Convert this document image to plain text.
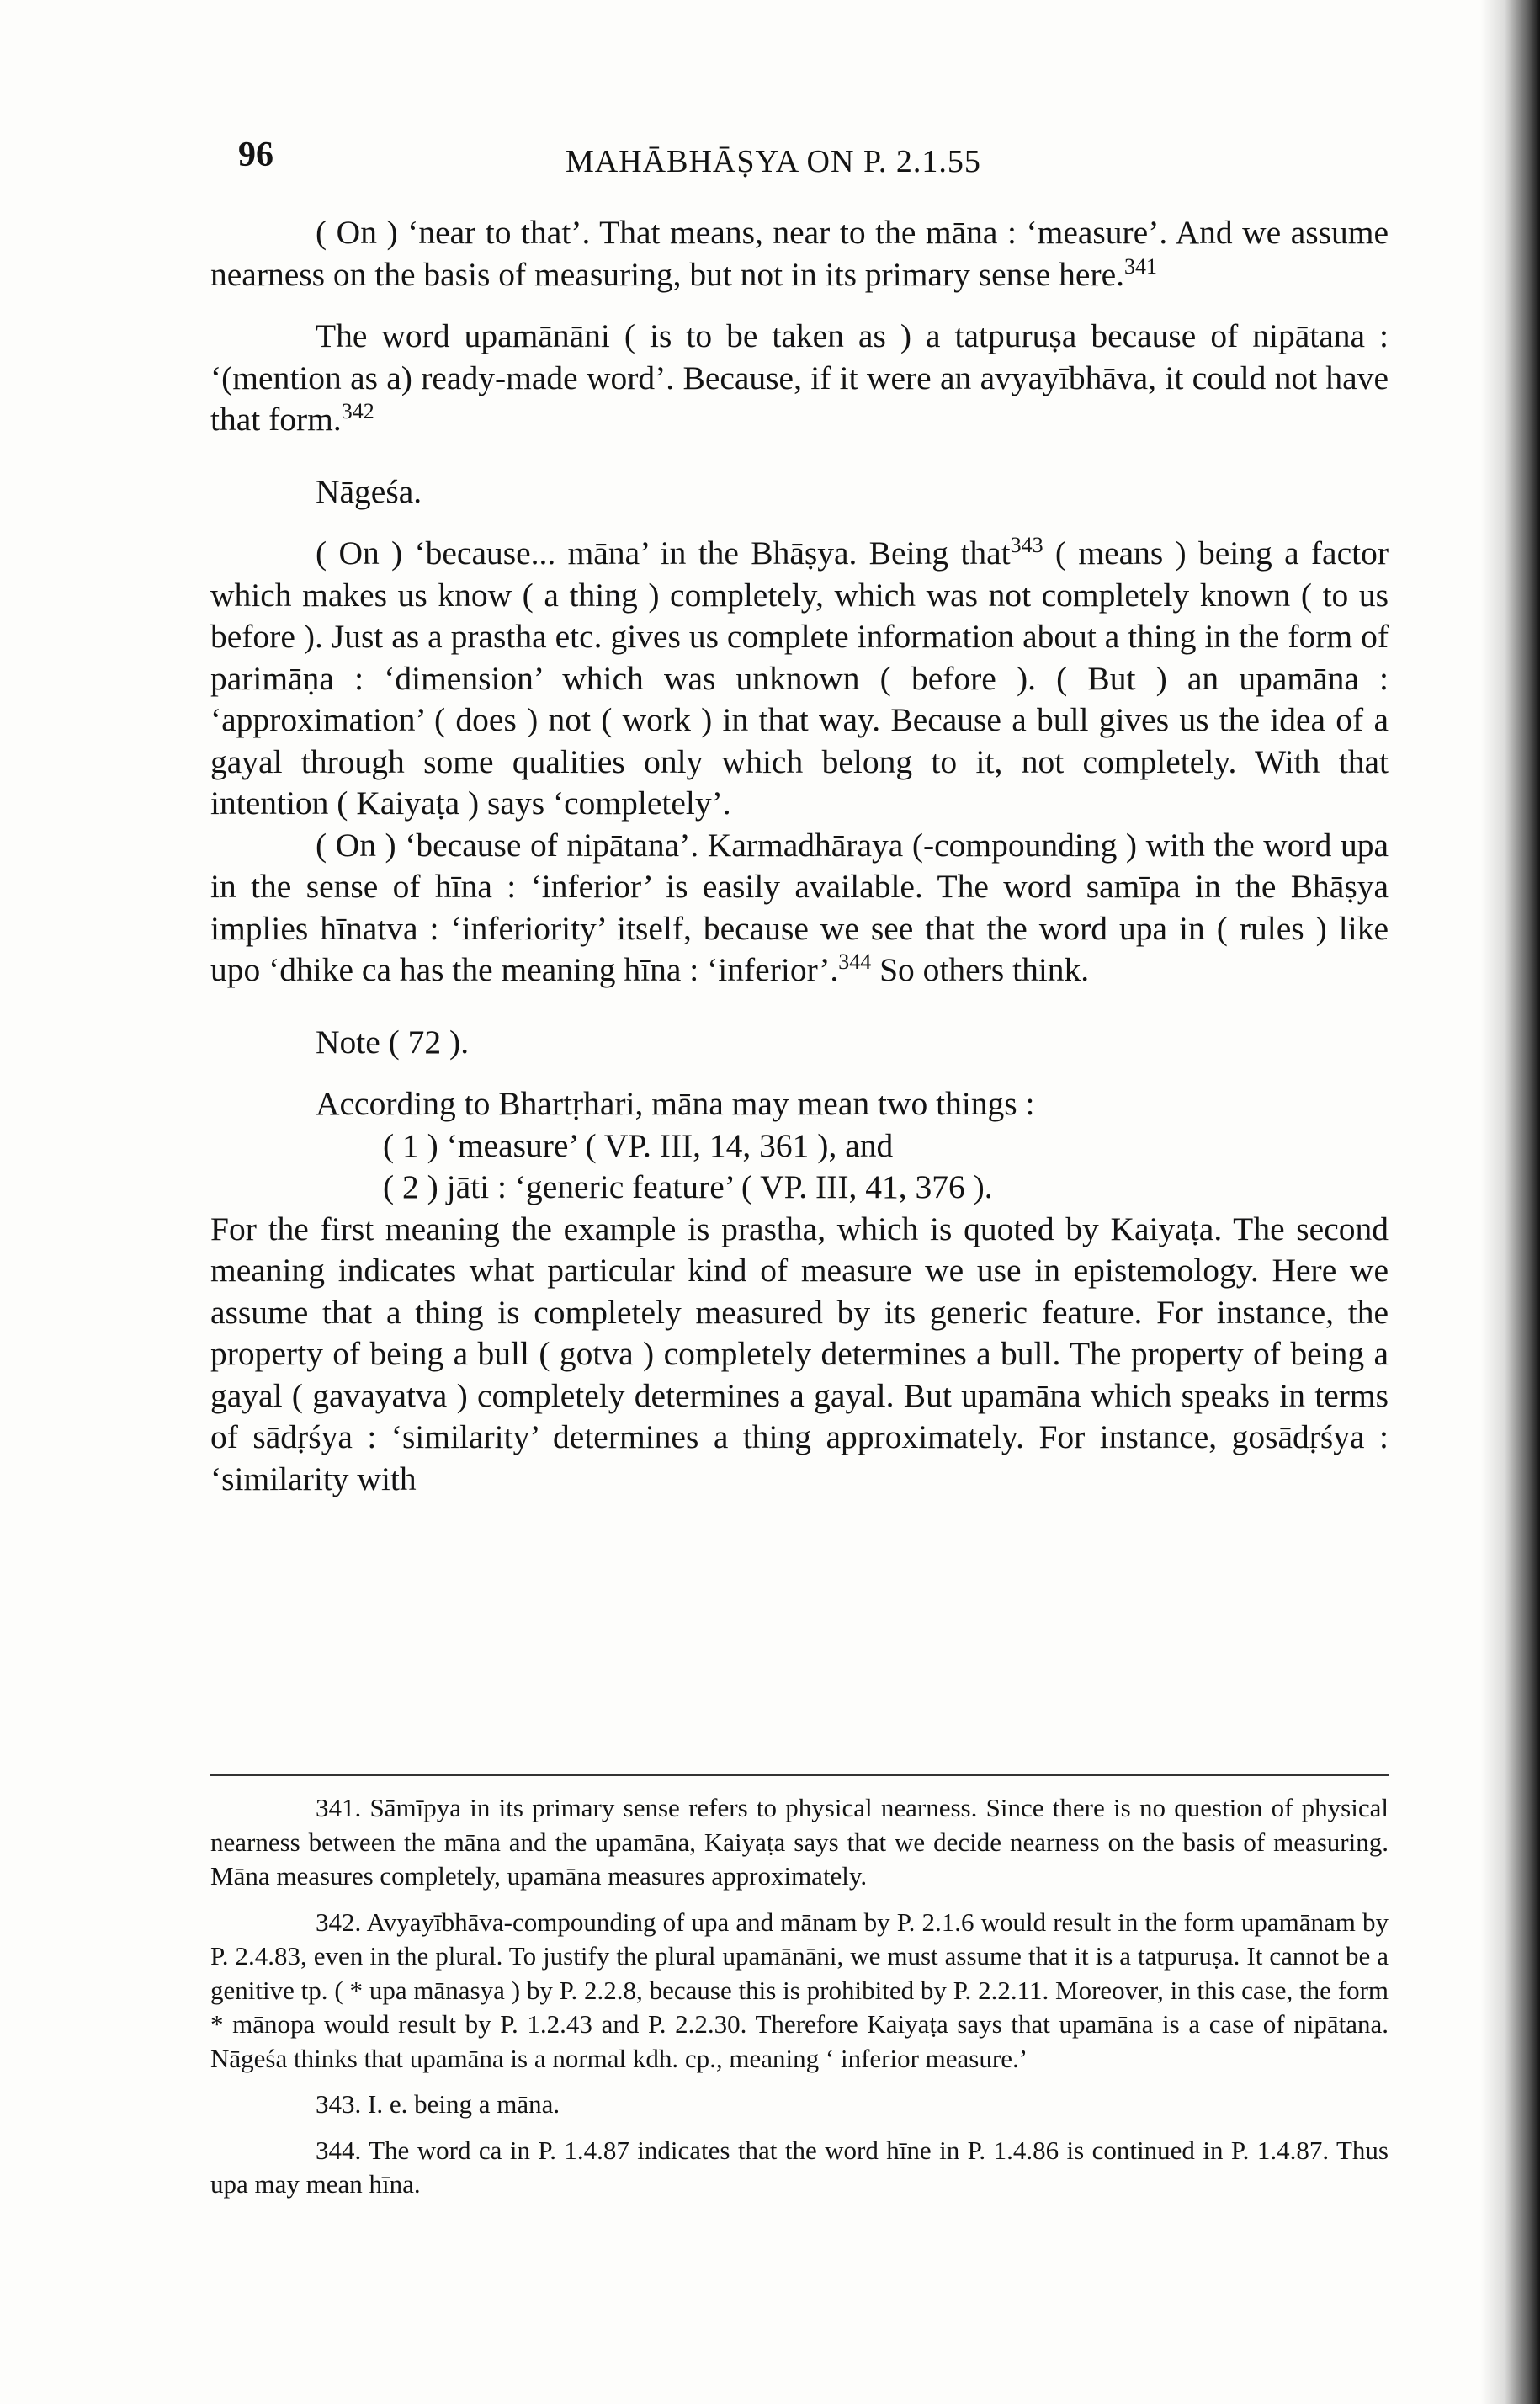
96	MAHĀBHĀṢYA ON P. 2.1.55

( On ) ‘near to that’. That means, near to the māna : ‘measure’. And we assume nearness on the basis of measuring, but not in its primary sense here.$^{341}$

The word upamānāni ( is to be taken as ) a tatpuruṣa because of nipātana : ‘(mention as a) ready-made word’. Because, if it were an avyayībhāva, it could not have that form.$^{342}$

Nāgeśa.

( On ) ‘because... māna’ in the Bhāṣya. Being that$^{343}$ ( means ) being a factor which makes us know ( a thing ) completely, which was not completely known ( to us before ). Just as a prastha etc. gives us complete information about a thing in the form of parimāṇa : ‘dimension’ which was unknown ( before ). ( But ) an upamāna : ‘approximation’ ( does ) not ( work ) in that way. Because a bull gives us the idea of a gayal through some qualities only which belong to it, not completely. With that intention ( Kaiyaṭa ) says ‘completely’.

( On ) ‘because of nipātana’. Karmadhāraya (-compounding ) with the word upa in the sense of hīna : ‘inferior’ is easily available. The word samīpa in the Bhāṣya implies hīnatva : ‘inferiority’ itself, because we see that the word upa in ( rules ) like upo ‘dhike ca has the meaning hīna : ‘inferior’.$^{344}$ So others think.

Note ( 72 ).

According to Bhartṛhari, māna may mean two things :

( 1 ) ‘measure’ ( VP. III, 14, 361 ), and

( 2 ) jāti : ‘generic feature’ ( VP. III, 41, 376 ).

For the first meaning the example is prastha, which is quoted by Kaiyaṭa. The second meaning indicates what particular kind of measure we use in epistemology. Here we assume that a thing is completely measured by its generic feature. For instance, the property of being a bull ( gotva ) completely determines a bull. The property of being a gayal ( gavayatva ) completely determines a gayal. But upamāna which speaks in terms of sādṛśya : ‘similarity’ determines a thing approximately. For instance, gosādṛśya : ‘similarity with

341. Sāmīpya in its primary sense refers to physical nearness. Since there is no question of physical nearness between the māna and the upamāna, Kaiyaṭa says that we decide nearness on the basis of measuring. Māna measures completely, upamāna measures approximately.

342. Avyayībhāva-compounding of upa and mānam by P. 2.1.6 would result in the form upamānam by P. 2.4.83, even in the plural. To justify the plural upamānāni, we must assume that it is a tatpuruṣa. It cannot be a genitive tp. ( * upa mānasya ) by P. 2.2.8, because this is prohibited by P. 2.2.11. Moreover, in this case, the form * mānopa would result by P. 1.2.43 and P. 2.2.30. Therefore Kaiyaṭa says that upamāna is a case of nipātana. Nāgeśa thinks that upamāna is a normal kdh. cp., meaning ‘ inferior measure.’

343. I. e. being a māna.

344. The word ca in P. 1.4.87 indicates that the word hīne in P. 1.4.86 is continued in P. 1.4.87. Thus upa may mean hīna.
